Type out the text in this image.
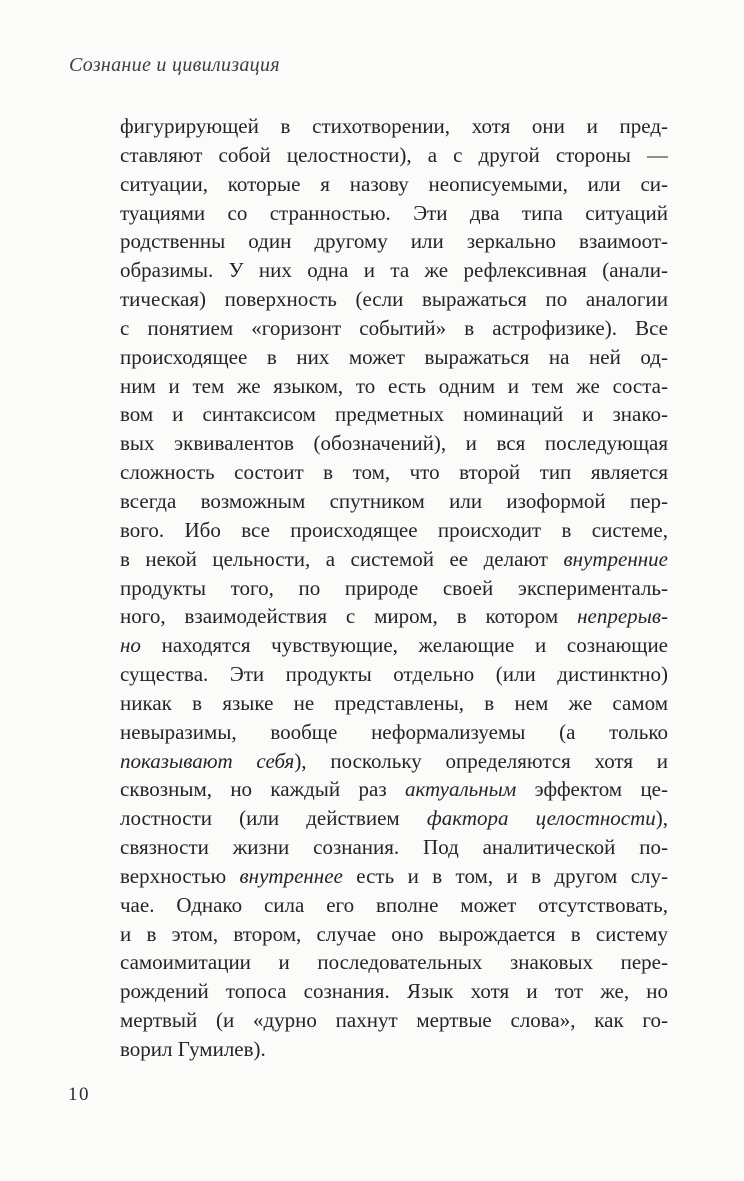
Сознание и цивилизация
фигурирующей в стихотворении, хотя они и пред-
ставляют собой целостности), а с другой стороны —
ситуации, которые я назову неописуемыми, или си-
туациями со странностью. Эти два типа ситуаций
родственны один другому или зеркально взаимоот-
образимы. У них одна и та же рефлексивная (анали-
тическая) поверхность (если выражаться по аналогии
с понятием «горизонт событий» в астрофизике). Все
происходящее в них может выражаться на ней од-
ним и тем же языком, то есть одним и тем же соста-
вом и синтаксисом предметных номинаций и знако-
вых эквивалентов (обозначений), и вся последующая
сложность состоит в том, что второй тип является
всегда возможным спутником или изоформой пер-
вого. Ибо все происходящее происходит в системе,
в некой цельности, а системой ее делают внутренние
продукты того, по природе своей эксперименталь-
ного, взаимодействия с миром, в котором непрерыв-
но находятся чувствующие, желающие и сознающие
существа. Эти продукты отдельно (или дистинктно)
никак в языке не представлены, в нем же самом
невыразимы, вообще неформализуемы (а только
показывают себя), поскольку определяются хотя и
сквозным, но каждый раз актуальным эффектом це-
лостности (или действием фактора целостности),
связности жизни сознания. Под аналитической по-
верхностью внутреннее есть и в том, и в другом слу-
чае. Однако сила его вполне может отсутствовать,
и в этом, втором, случае оно вырождается в систему
самоимитации и последовательных знаковых пере-
рождений топоса сознания. Язык хотя и тот же, но
мертвый (и «дурно пахнут мертвые слова», как го-
ворил Гумилев).
10
